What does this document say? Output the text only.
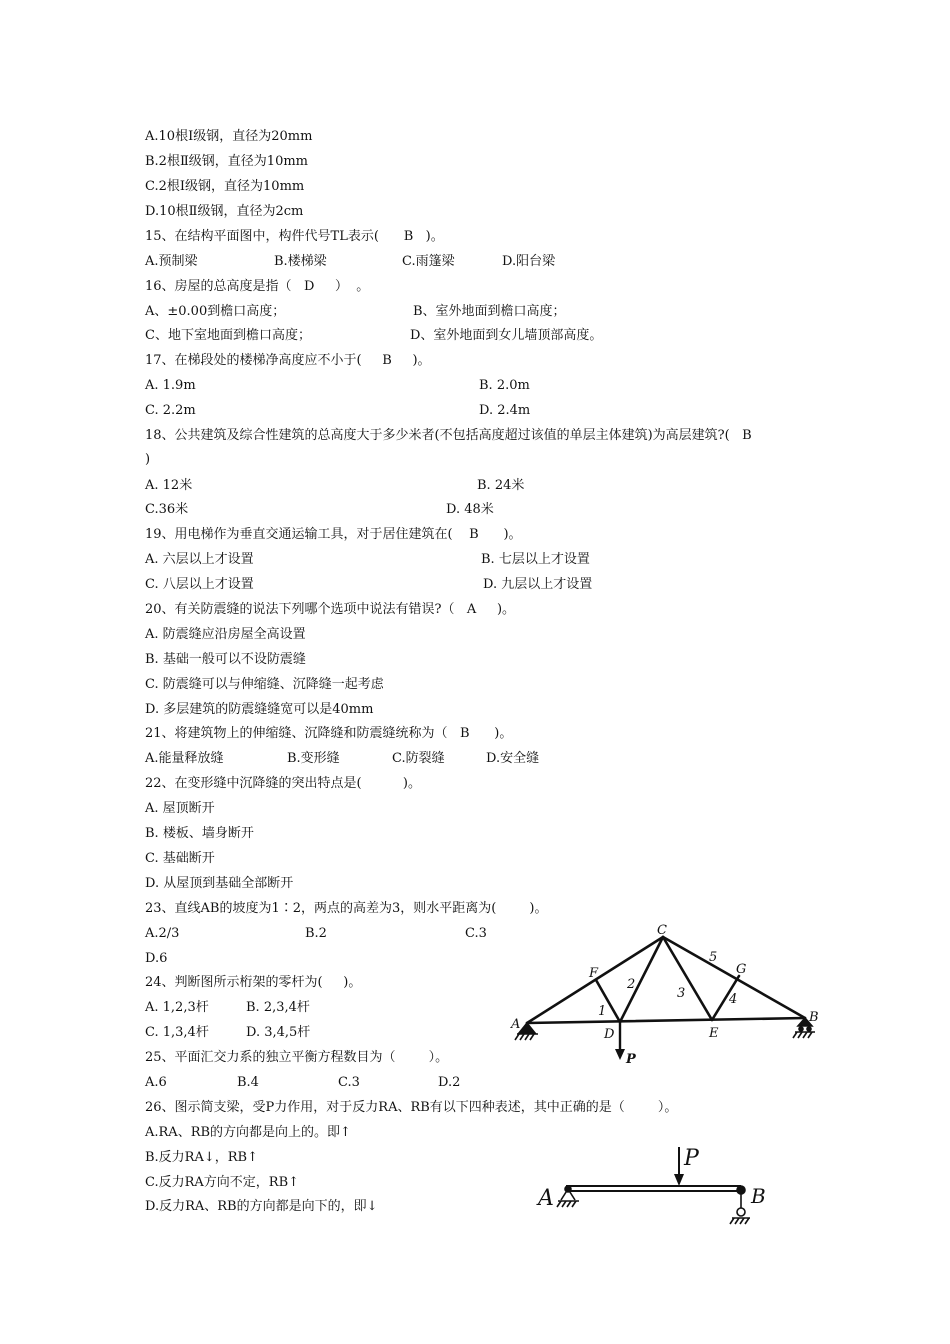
A.10根Ⅰ级钢，直径为20mm
B.2根Ⅱ级钢，直径为10mm
C.2根Ⅰ级钢，直径为10mm
D.10根Ⅱ级钢，直径为2cm
15、在结构平面图中，构件代号TL表示(      B   )。
A.预制梁	B.楼梯梁	C.雨篷梁	D.阳台梁
16、房屋的总高度是指（   D     ）  。
A、±0.00到檐口高度；	B、室外地面到檐口高度；
C、地下室地面到檐口高度；	D、室外地面到女儿墙顶部高度。
17、在梯段处的楼梯净高度应不小于(     B     )。
A. 1.9m	B. 2.0m
C. 2.2m	D. 2.4m
18、公共建筑及综合性建筑的总高度大于多少米者(不包括高度超过该值的单层主体建筑)为高层建筑?(   B
)
A. 12米	B. 24米
C.36米	D. 48米
19、用电梯作为垂直交通运输工具，对于居住建筑在(    B      )。
A. 六层以上才设置	B. 七层以上才设置
C. 八层以上才设置	D. 九层以上才设置
20、有关防震缝的说法下列哪个选项中说法有错误?（   A     )。
A. 防震缝应沿房屋全高设置
B. 基础一般可以不设防震缝
C. 防震缝可以与伸缩缝、沉降缝一起考虑
D. 多层建筑的防震缝缝宽可以是40mm
21、将建筑物上的伸缩缝、沉降缝和防震缝统称为（   B      )。
A.能量释放缝	B.变形缝	C.防裂缝	D.安全缝
22、在变形缝中沉降缝的突出特点是(          )。
A. 屋顶断开
B. 楼板、墙身断开
C. 基础断开
D. 从屋顶到基础全部断开
23、直线AB的坡度为1∶2，两点的高差为3，则水平距离为(        )。
A.2/3	B.2	C.3
D.6
24、判断图所示桁架的零杆为(     )。
A. 1,2,3杆	B. 2,3,4杆
C. 1,3,4杆	D. 3,4,5杆
25、平面汇交力系的独立平衡方程数目为（        ）。
A.6	B.4	C.3	D.2
26、图示简支梁，受P力作用，对于反力RA、RB有以下四种表述，其中正确的是（        ）。
A.RA、RB的方向都是向上的。即↑
B.反力RA↓，RB↑
C.反力RA方向不定，RB↑
D.反力RA、RB的方向都是向下的，即↓
C
F	G
A	B
D	E
1
2
3	4
5
P
A	B
P
